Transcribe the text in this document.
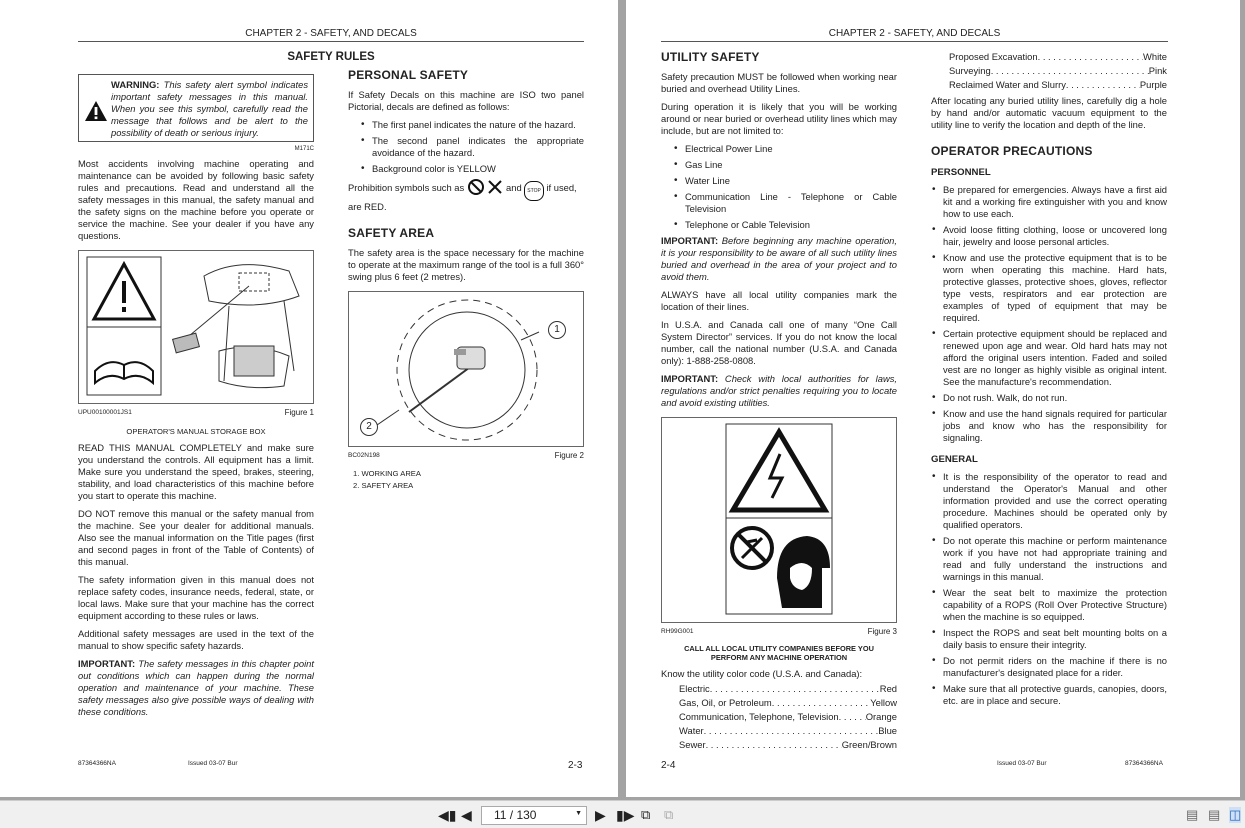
CHAPTER 2 - SAFETY, AND DECALS
SAFETY RULES

WARNING: This safety alert symbol indicates important safety messages in this manual. When you see this symbol, carefully read the message that follows and be alert to the possibility of death or serious injury.

M171C

Most accidents involving machine operating and maintenance can be avoided by following basic safety rules and precautions. Read and understand all the safety messages in this manual, the safety manual and the safety signs on the machine before you operate or service the machine. See your dealer if you have any questions.

UPU00100001JS1	Figure 1
OPERATOR'S MANUAL STORAGE BOX

READ THIS MANUAL COMPLETELY and make sure you understand the controls. All equipment has a limit. Make sure you understand the speed, brakes, steering, stability, and load characteristics of this machine before you start to operate this machine.

DO NOT remove this manual or the safety manual from the machine. See your dealer for additional manuals. Also see the manual information on the Title pages (first and second pages in front of the Table of Contents) of this manual.

The safety information given in this manual does not replace safety codes, insurance needs, federal, state, or local laws. Make sure that your machine has the correct equipment according to these rules or laws.

Additional safety messages are used in the text of the manual to show specific safety hazards.

IMPORTANT: The safety messages in this chapter point out conditions which can happen during the normal operation and maintenance of your machine. These safety messages also give possible ways of dealing with these conditions.

PERSONAL SAFETY

If Safety Decals on this machine are ISO two panel Pictorial, decals are defined as follows:

• The first panel indicates the nature of the hazard.
• The second panel indicates the appropriate avoidance of the hazard.
• Background color is YELLOW

Prohibition symbols such as	and STOP if used, are RED.

SAFETY AREA

The safety area is the space necessary for the machine to operate at the maximum range of the tool is a full 360° swing plus 6 feet (2 metres).

1
2
BC02N198	Figure 2
1. WORKING AREA
2. SAFETY AREA
87364366NA	Issued 03-07 Bur	2-3
CHAPTER 2 - SAFETY, AND DECALS
UTILITY SAFETY

Safety precaution MUST be followed when working near buried and overhead Utility Lines.

During operation it is likely that you will be working around or near buried or overhead utility lines which may include, but are not limited to:

• Electrical Power Line
• Gas Line
• Water Line
• Communication Line - Telephone or Cable Television
• Telephone or Cable Television

IMPORTANT: Before beginning any machine operation, it is your responsibility to be aware of all such utility lines buried and overhead in the area of your project and to avoid them.

ALWAYS have all local utility companies mark the location of their lines.

In U.S.A. and Canada call one of many “One Call System Director” services. If you do not know the local number, call the national number (U.S.A. and Canada only): 1-888-258-0808.

IMPORTANT: Check with local authorities for laws, regulations and/or strict penalties requiring you to locate and avoid existing utilities.

RH99G001	Figure 3
CALL ALL LOCAL UTILITY COMPANIES BEFORE YOU PERFORM ANY MACHINE OPERATION

Know the utility color code (U.S.A. and Canada):

Electric . . .	Red
Gas, Oil, or Petroleum . . .	Yellow
Communication, Telephone, Television . . .	Orange
Water . . .	Blue
Sewer . . .	Green/Brown
Proposed Excavation . . .	White
Surveying . . .	Pink
Reclaimed Water and Slurry . . .	Purple

After locating any buried utility lines, carefully dig a hole by hand and/or automatic vacuum equipment to the utility line to verify the location and depth of the line.

OPERATOR PRECAUTIONS
PERSONNEL
• Be prepared for emergencies. Always have a first aid kit and a working fire extinguisher with you and know how to use each.
• Avoid loose fitting clothing, loose or uncovered long hair, jewelry and loose personal articles.
• Know and use the protective equipment that is to be worn when operating this machine. Hard hats, protective glasses, protective shoes, gloves, reflector type vests, respirators and ear protection are examples of typed of equipment that may be required.
• Certain protective equipment should be replaced and renewed upon age and wear. Old hard hats may not afford the original users intention. Faded and soiled vest are no longer as highly visible as original intent. See the manufacture's recommendation.
• Do not rush. Walk, do not run.
• Know and use the hand signals required for particular jobs and know who has the responsibility for signaling.
GENERAL
• It is the responsibility of the operator to read and understand the Operator's Manual and other information provided and use the correct operating procedure. Machines should be operated only by qualified operators.
• Do not operate this machine or perform maintenance work if you have not had appropriate training and read and fully understand the instructions and warnings in this manual.
• Wear the seat belt to maximize the protection capability of a ROPS (Roll Over Protective Structure) when the machine is so equipped.
• Inspect the ROPS and seat belt mounting bolts on a daily basis to ensure their integrity.
• Do not permit riders on the machine if there is no manufacturer's designated place for a rider.
• Make sure that all protective guards, canopies, doors, etc. are in place and secure.
2-4	Issued 03-07 Bur	87364366NA
◀▮ ◀	11 / 130	▼ ▶ ▮▶ ⧉ ⧉	▤ ▤ ◫
